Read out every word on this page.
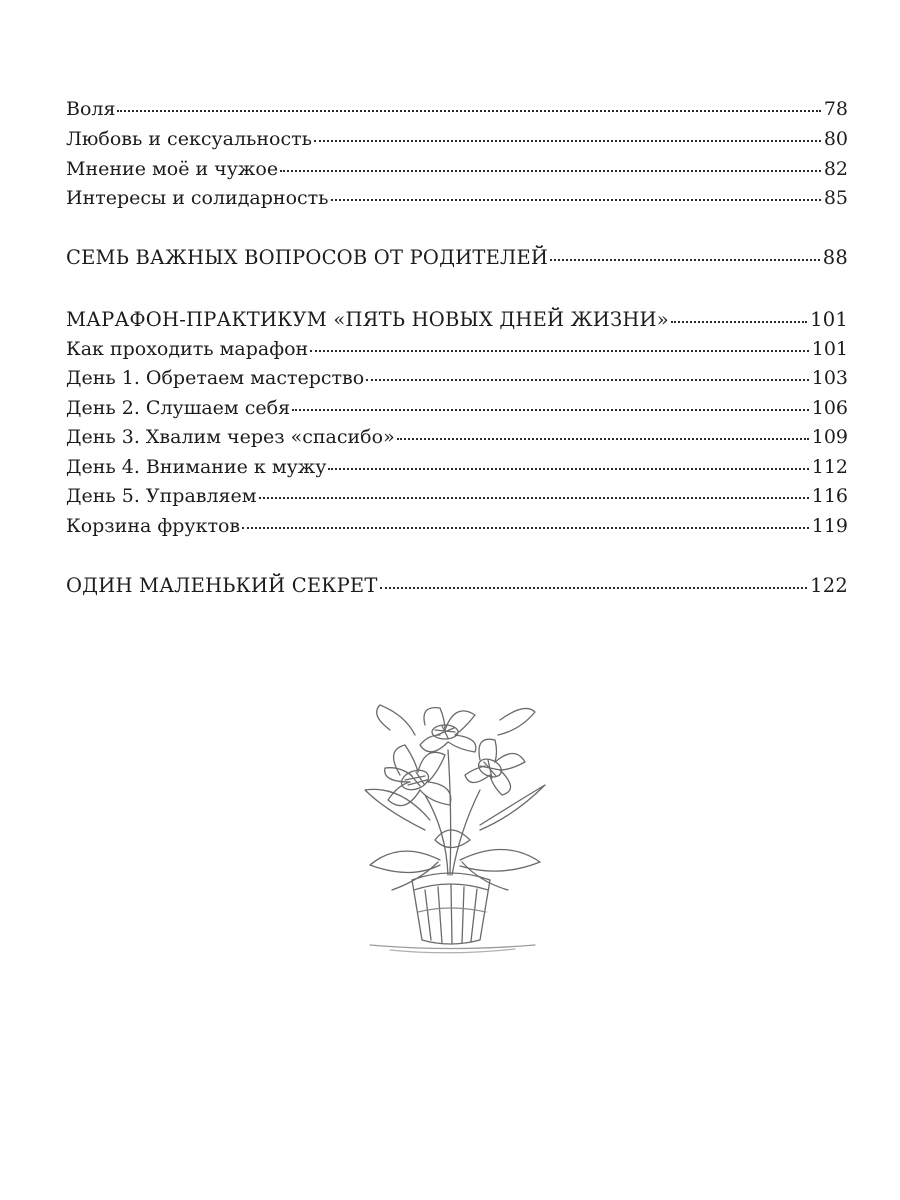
Воля	78
Любовь и сексуальность	80
Мнение моё и чужое	82
Интересы и солидарность	85
СЕМЬ ВАЖНЫХ ВОПРОСОВ ОТ РОДИТЕЛЕЙ	88
МАРАФОН-ПРАКТИКУМ «ПЯТЬ НОВЫХ ДНЕЙ ЖИЗНИ»	101
Как проходить марафон	101
День 1. Обретаем мастерство	103
День 2. Слушаем себя	106
День 3. Хвалим через «спасибо»	109
День 4. Внимание к мужу	112
День 5. Управляем	116
Корзина фруктов	119
ОДИН МАЛЕНЬКИЙ СЕКРЕТ	122
